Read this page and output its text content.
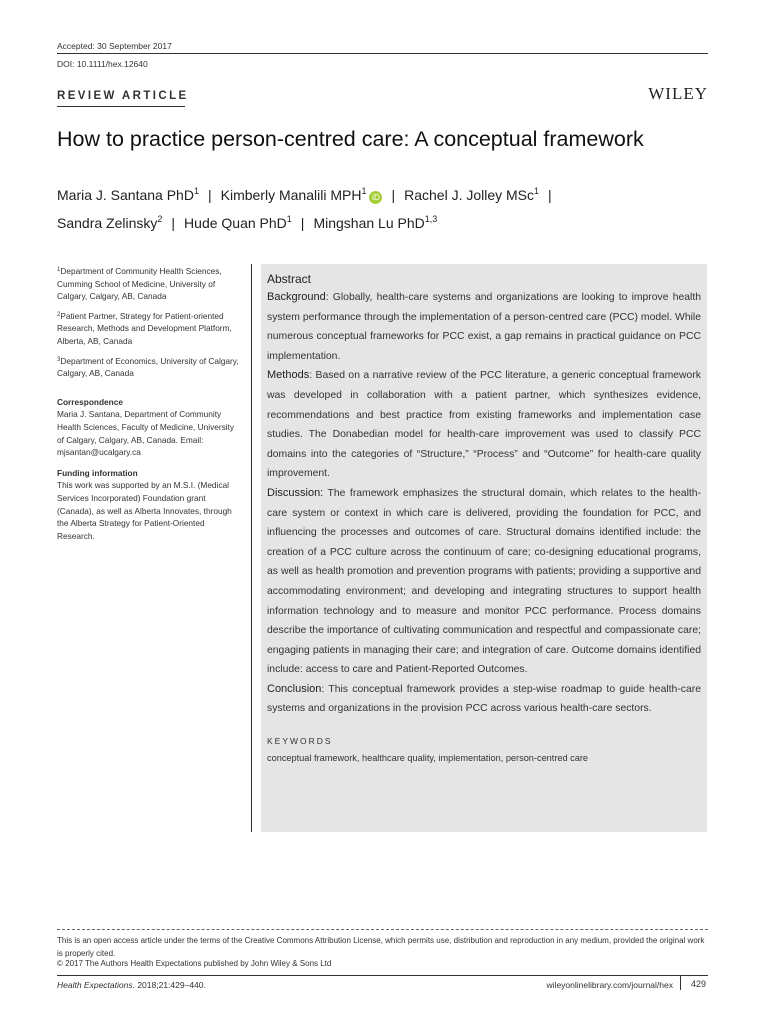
Accepted: 30 September 2017
DOI: 10.1111/hex.12640
REVIEW ARTICLE	WILEY
How to practice person-centred care: A conceptual framework
Maria J. Santana PhD$^1$ | Kimberly Manalili MPH$^1$iD | Rachel J. Jolley MSc$^1$ |
Sandra Zelinsky$^2$ | Hude Quan PhD$^1$ | Mingshan Lu PhD$^{1,3}$

$^1$Department of Community Health Sciences, Cumming School of Medicine, University of Calgary, Calgary, AB, Canada

$^2$Patient Partner, Strategy for Patient-oriented Research, Methods and Development Platform, Alberta, AB, Canada

$^3$Department of Economics, University of Calgary, Calgary, AB, Canada

Correspondence

Maria J. Santana, Department of Community Health Sciences, Faculty of Medicine, University of Calgary, Calgary, AB, Canada. Email: mjsantan@ucalgary.ca

Funding information

This work was supported by an M.S.I. (Medical Services Incorporated) Foundation grant (Canada), as well as Alberta Innovates, through the Alberta Strategy for Patient-Oriented Research.

Abstract

Background: Globally, health-care systems and organizations are looking to improve health system performance through the implementation of a person-centred care (PCC) model. While numerous conceptual frameworks for PCC exist, a gap remains in practical guidance on PCC implementation.

Methods: Based on a narrative review of the PCC literature, a generic conceptual framework was developed in collaboration with a patient partner, which synthesizes evidence, recommendations and best practice from existing frameworks and implementation case studies. The Donabedian model for health-care improvement was used to classify PCC domains into the categories of “Structure,” “Process” and “Outcome” for health-care quality improvement.

Discussion: The framework emphasizes the structural domain, which relates to the health-care system or context in which care is delivered, providing the foundation for PCC, and influencing the processes and outcomes of care. Structural domains identified include: the creation of a PCC culture across the continuum of care; co-designing educational programs, as well as health promotion and prevention programs with patients; providing a supportive and accommodating environment; and developing and integrating structures to support health information technology and to measure and monitor PCC performance. Process domains describe the importance of cultivating communication and respectful and compassionate care; engaging patients in managing their care; and integration of care. Outcome domains identified include: access to care and Patient-Reported Outcomes.

Conclusion: This conceptual framework provides a step-wise roadmap to guide health-care systems and organizations in the provision PCC across various health-care sectors.

KEYWORDS

conceptual framework, healthcare quality, implementation, person-centred care

This is an open access article under the terms of the Creative Commons Attribution License, which permits use, distribution and reproduction in any medium, provided the original work is properly cited.
© 2017 The Authors Health Expectations published by John Wiley & Sons Ltd
Health Expectations. 2018;21:429–440.	wileyonlinelibrary.com/journal/hex 429
